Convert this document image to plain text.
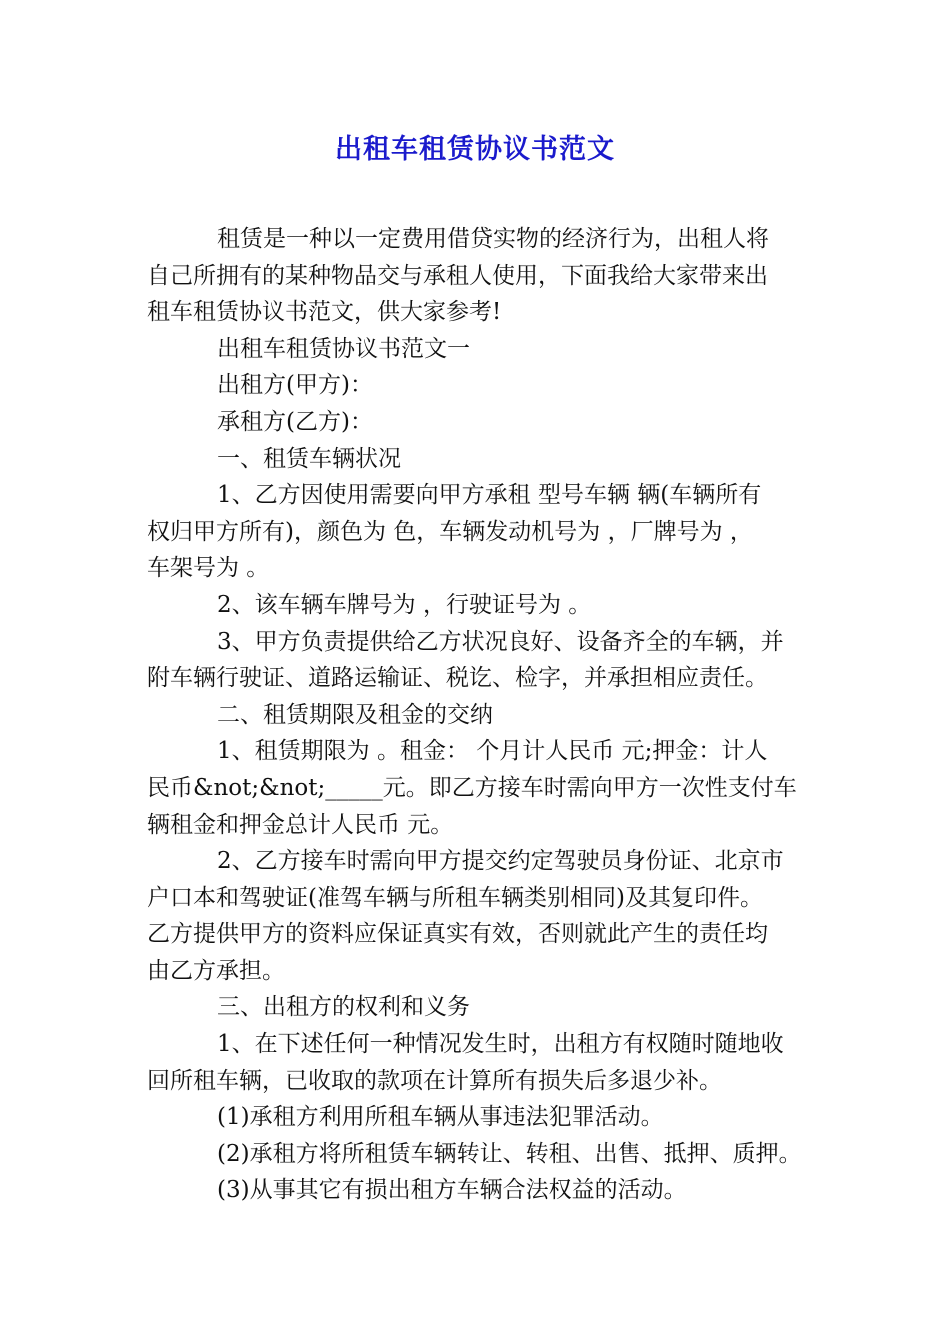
出租车租赁协议书范文
租赁是一种以一定费用借贷实物的经济行为，出租人将
自己所拥有的某种物品交与承租人使用，下面我给大家带来出
租车租赁协议书范文，供大家参考!
出租车租赁协议书范文一
出租方(甲方)：
承租方(乙方)：
一、租赁车辆状况
1、乙方因使用需要向甲方承租 型号车辆 辆(车辆所有
权归甲方所有)，颜色为 色，车辆发动机号为 ，厂牌号为 ，
车架号为 。
2、该车辆车牌号为 ，行驶证号为 。
3、甲方负责提供给乙方状况良好、设备齐全的车辆，并
附车辆行驶证、道路运输证、税讫、检字，并承担相应责任。
二、租赁期限及租金的交纳
1、租赁期限为 。租金： 个月计人民币 元;押金：计人
民币&not;&not;_____元。即乙方接车时需向甲方一次性支付车
辆租金和押金总计人民币 元。
2、乙方接车时需向甲方提交约定驾驶员身份证、北京市
户口本和驾驶证(准驾车辆与所租车辆类别相同)及其复印件。
乙方提供甲方的资料应保证真实有效，否则就此产生的责任均
由乙方承担。
三、出租方的权利和义务
1、在下述任何一种情况发生时，出租方有权随时随地收
回所租车辆，已收取的款项在计算所有损失后多退少补。
(1)承租方利用所租车辆从事违法犯罪活动。
(2)承租方将所租赁车辆转让、转租、出售、抵押、质押。
(3)从事其它有损出租方车辆合法权益的活动。
